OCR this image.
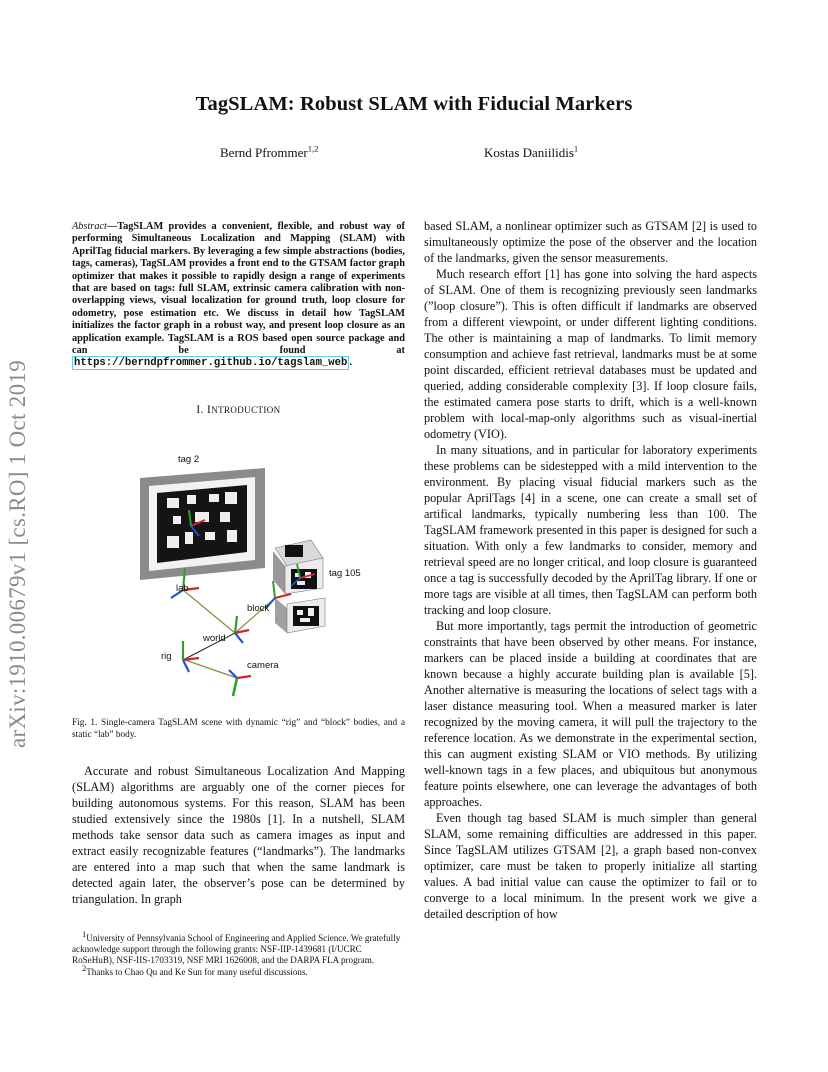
TagSLAM: Robust SLAM with Fiducial Markers
Bernd Pfrommer$^{1,2}$	Kostas Daniilidis$^1$
arXiv:1910.00679v1 [cs.RO] 1 Oct 2019
Abstract—TagSLAM provides a convenient, flexible, and robust way of performing Simultaneous Localization and Mapping (SLAM) with AprilTag fiducial markers. By leveraging a few simple abstractions (bodies, tags, cameras), TagSLAM provides a front end to the GTSAM factor graph optimizer that makes it possible to rapidly design a range of experiments that are based on tags: full SLAM, extrinsic camera calibration with non-overlapping views, visual localization for ground truth, loop closure for odometry, pose estimation etc. We discuss in detail how TagSLAM initializes the factor graph in a robust way, and present loop closure as an application example. TagSLAM is a ROS based open source package and can be found at https://berndpfrommer.github.io/tagslam_web .
I. INTRODUCTION
tag 2
tag 105
lab
block
world
rig
camera
Fig. 1. Single-camera TagSLAM scene with dynamic “rig” and “block” bodies, and a static “lab” body.

Accurate and robust Simultaneous Localization And Mapping (SLAM) algorithms are arguably one of the corner pieces for building autonomous systems. For this reason, SLAM has been studied extensively since the 1980s [1]. In a nutshell, SLAM methods take sensor data such as camera images as input and extract easily recognizable features (“landmarks”). The landmarks are entered into a map such that when the same landmark is detected again later, the observer’s pose can be determined by triangulation. In graph

$^1$University of Pennsylvania School of Engineering and Applied Science. We gratefully acknowledge support through the following grants: NSF-IIP-1439681 (I/UCRC RoSeHuB), NSF-IIS-1703319, NSF MRI 1626008, and the DARPA FLA program.

$^2$Thanks to Chao Qu and Ke Sun for many useful discussions.

based SLAM, a nonlinear optimizer such as GTSAM [2] is used to simultaneously optimize the pose of the observer and the location of the landmarks, given the sensor measurements.

Much research effort [1] has gone into solving the hard aspects of SLAM. One of them is recognizing previously seen landmarks (”loop closure”). This is often difficult if landmarks are observed from a different viewpoint, or under different lighting conditions. The other is maintaining a map of landmarks. To limit memory consumption and achieve fast retrieval, landmarks must be at some point discarded, efficient retrieval databases must be updated and queried, adding considerable complexity [3]. If loop closure fails, the estimated camera pose starts to drift, which is a well-known problem with local-map-only algorithms such as visual-inertial odometry (VIO).

In many situations, and in particular for laboratory experiments these problems can be sidestepped with a mild intervention to the environment. By placing visual fiducial markers such as the popular AprilTags [4] in a scene, one can create a small set of artifical landmarks, typically numbering less than 100. The TagSLAM framework presented in this paper is designed for such a situation. With only a few landmarks to consider, memory and retrieval speed are no longer critical, and loop closure is guaranteed once a tag is successfully decoded by the AprilTag library. If one or more tags are visible at all times, then TagSLAM can perform both tracking and loop closure.

But more importantly, tags permit the introduction of geometric constraints that have been observed by other means. For instance, markers can be placed inside a building at coordinates that are known because a highly accurate building plan is available [5]. Another alternative is measuring the locations of select tags with a laser distance measuring tool. When a measured marker is later recognized by the moving camera, it will pull the trajectory to the reference location. As we demonstrate in the experimental section, this can augment existing SLAM or VIO methods. By utilizing well-known tags in a few places, and ubiquitous but anonymous feature points elsewhere, one can leverage the advantages of both approaches.

Even though tag based SLAM is much simpler than general SLAM, some remaining difficulties are addressed in this paper. Since TagSLAM utilizes GTSAM [2], a graph based non-convex optimizer, care must be taken to properly initialize all starting values. A bad initial value can cause the optimizer to fail or to converge to a local minimum. In the present work we give a detailed description of how
